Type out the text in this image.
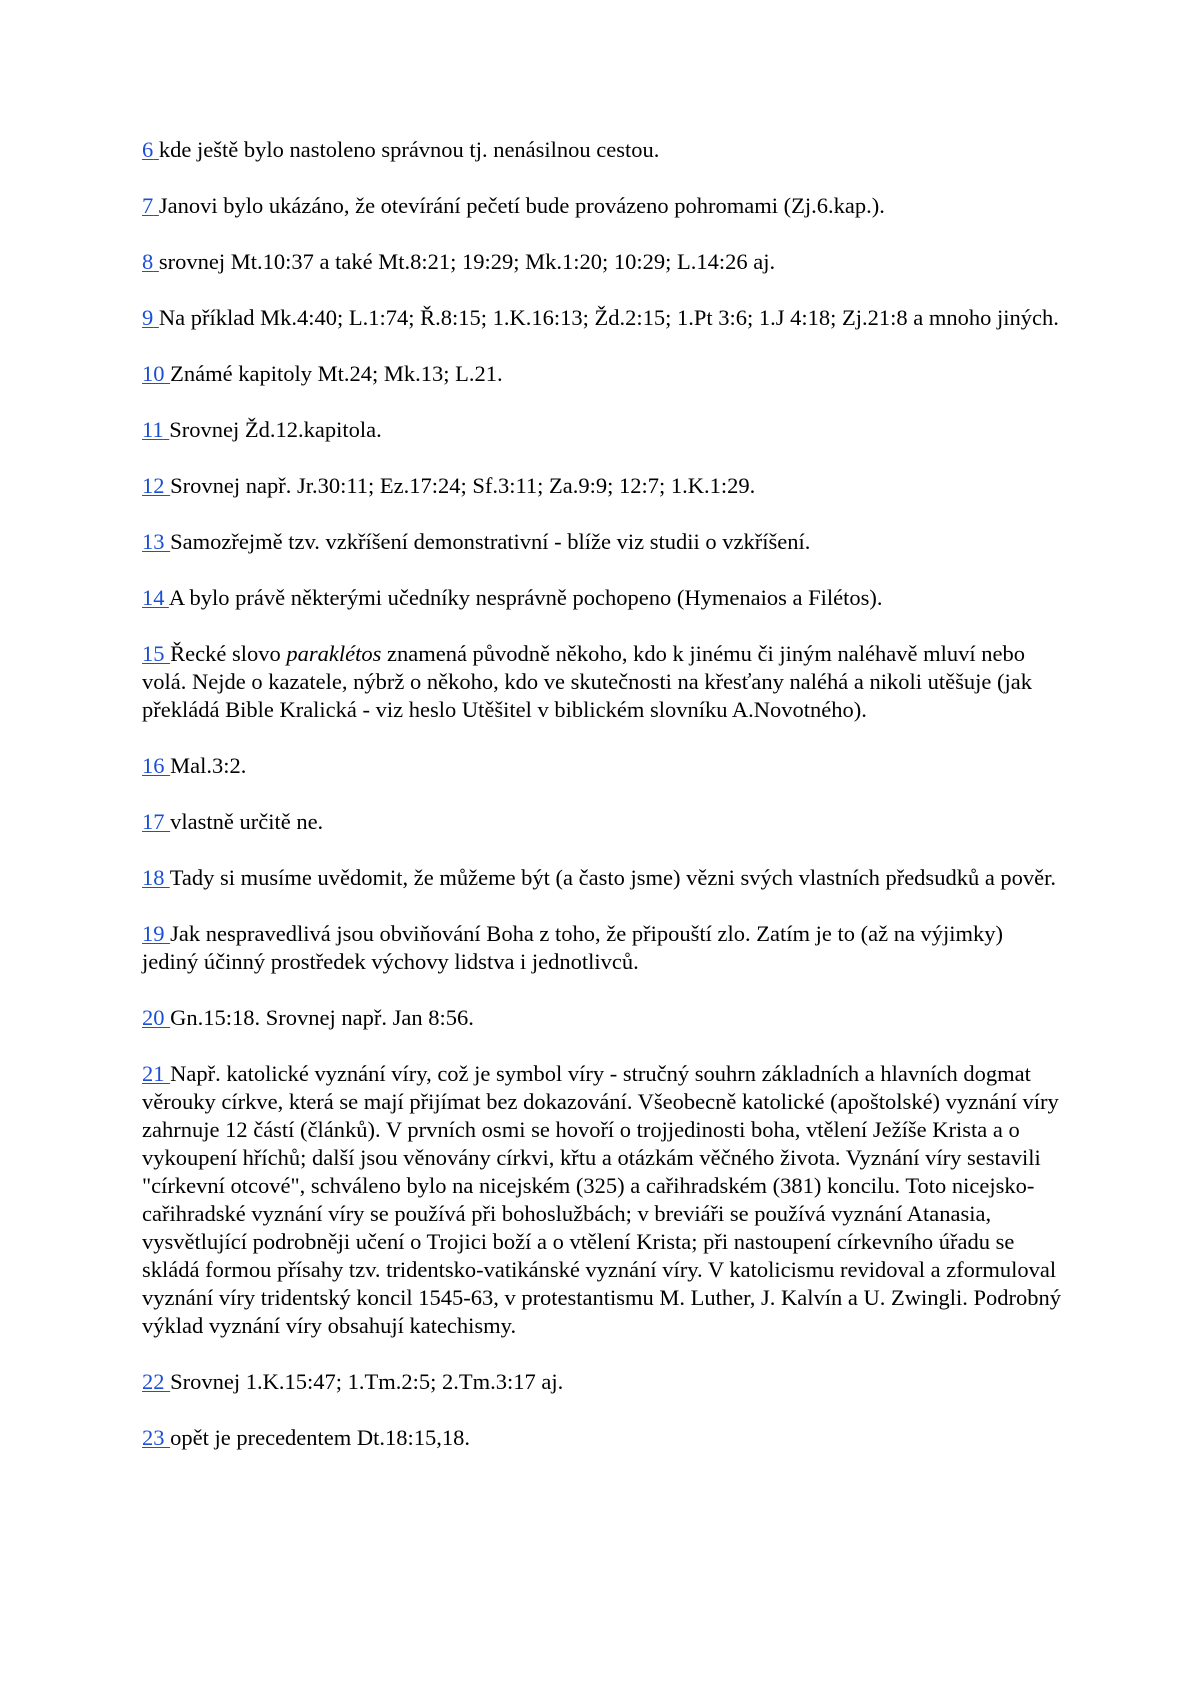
6 kde ještě bylo nastoleno správnou tj. nenásilnou cestou.

7 Janovi bylo ukázáno, že otevírání pečetí bude provázeno pohromami (Zj.6.kap.).

8 srovnej Mt.10:37 a také Mt.8:21; 19:29; Mk.1:20; 10:29; L.14:26 aj.

9 Na příklad Mk.4:40; L.1:74; Ř.8:15; 1.K.16:13; Žd.2:15; 1.Pt 3:6; 1.J 4:18; Zj.21:8 a mnoho jiných.

10 Známé kapitoly Mt.24; Mk.13; L.21.

11 Srovnej Žd.12.kapitola.

12 Srovnej např. Jr.30:11; Ez.17:24; Sf.3:11; Za.9:9; 12:7; 1.K.1:29.

13 Samozřejmě tzv. vzkříšení demonstrativní - blíže viz studii o vzkříšení.

14 A bylo právě některými učedníky nesprávně pochopeno (Hymenaios a Filétos).

15 Řecké slovo paraklétos znamená původně někoho, kdo k jinému či jiným naléhavě mluví nebo volá. Nejde o kazatele, nýbrž o někoho, kdo ve skutečnosti na křesťany naléhá a nikoli utěšuje (jak překládá Bible Kralická - viz heslo Utěšitel v biblickém slovníku A.Novotného).

16 Mal.3:2.

17 vlastně určitě ne.

18 Tady si musíme uvědomit, že můžeme být (a často jsme) vězni svých vlastních předsudků a pověr.

19 Jak nespravedlivá jsou obviňování Boha z toho, že připouští zlo. Zatím je to (až na výjimky) jediný účinný prostředek výchovy lidstva i jednotlivců.

20 Gn.15:18. Srovnej např. Jan 8:56.

21 Např. katolické vyznání víry, což je symbol víry - stručný souhrn základních a hlavních dogmat věrouky církve, která se mají přijímat bez dokazování. Všeobecně katolické (apoštolské) vyznání víry zahrnuje 12 částí (článků). V prvních osmi se hovoří o trojjedinosti boha, vtělení Ježíše Krista a o vykoupení hříchů; další jsou věnovány církvi, křtu a otázkám věčného života. Vyznání víry sestavili "církevní otcové", schváleno bylo na nicejském (325) a cařihradském (381) koncilu. Toto nicejsko-cařihradské vyznání víry se používá při bohoslužbách; v breviáři se používá vyznání Atanasia, vysvětlující podrobněji učení o Trojici boží a o vtělení Krista; při nastoupení církevního úřadu se skládá formou přísahy tzv. tridentsko-vatikánské vyznání víry. V katolicismu revidoval a zformuloval vyznání víry tridentský koncil 1545-63, v protestantismu M. Luther, J. Kalvín a U. Zwingli. Podrobný výklad vyznání víry obsahují katechismy.

22 Srovnej 1.K.15:47; 1.Tm.2:5; 2.Tm.3:17 aj.

23 opět je precedentem Dt.18:15,18.
